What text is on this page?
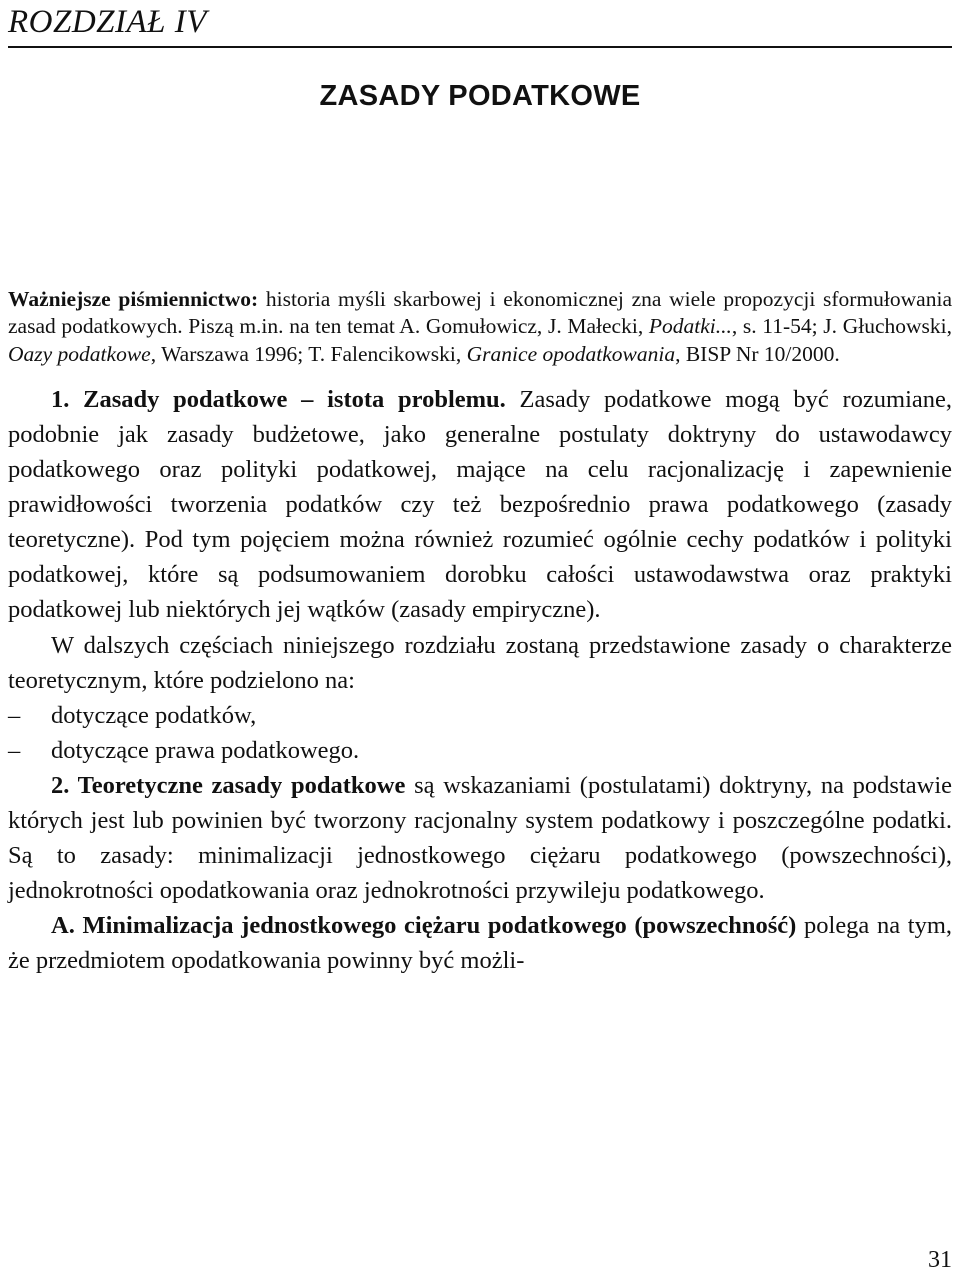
ROZDZIAŁ IV
ZASADY PODATKOWE

Ważniejsze piśmiennictwo: historia myśli skarbowej i ekonomicznej zna wiele propozycji sformułowania zasad podatkowych. Piszą m.in. na ten temat A. Gomułowicz, J. Małecki, Podatki..., s. 11-54; J. Głuchowski, Oazy podatkowe, Warszawa 1996; T. Falencikowski, Granice opodatkowania, BISP Nr 10/2000.

1. Zasady podatkowe – istota problemu. Zasady podatkowe mogą być rozumiane, podobnie jak zasady budżetowe, jako generalne postulaty doktryny do ustawodawcy podatkowego oraz polityki podatkowej, mające na celu racjonalizację i zapewnienie prawidłowości tworzenia podatków czy też bezpośrednio prawa podatkowego (zasady teoretyczne). Pod tym pojęciem można również rozumieć ogólnie cechy podatków i polityki podatkowej, które są podsumowaniem dorobku całości ustawodawstwa oraz praktyki podatkowej lub niektórych jej wątków (zasady empiryczne).

W dalszych częściach niniejszego rozdziału zostaną przedstawione zasady o charakterze teoretycznym, które podzielono na:

– dotyczące podatków,
– dotyczące prawa podatkowego.

2. Teoretyczne zasady podatkowe są wskazaniami (postulatami) doktryny, na podstawie których jest lub powinien być tworzony racjonalny system podatkowy i poszczególne podatki. Są to zasady: minimalizacji jednostkowego ciężaru podatkowego (powszechności), jednokrotności opodatkowania oraz jednokrotności przywileju podatkowego.

A. Minimalizacja jednostkowego ciężaru podatkowego (powszechność) polega na tym, że przedmiotem opodatkowania powinny być możli-

31
